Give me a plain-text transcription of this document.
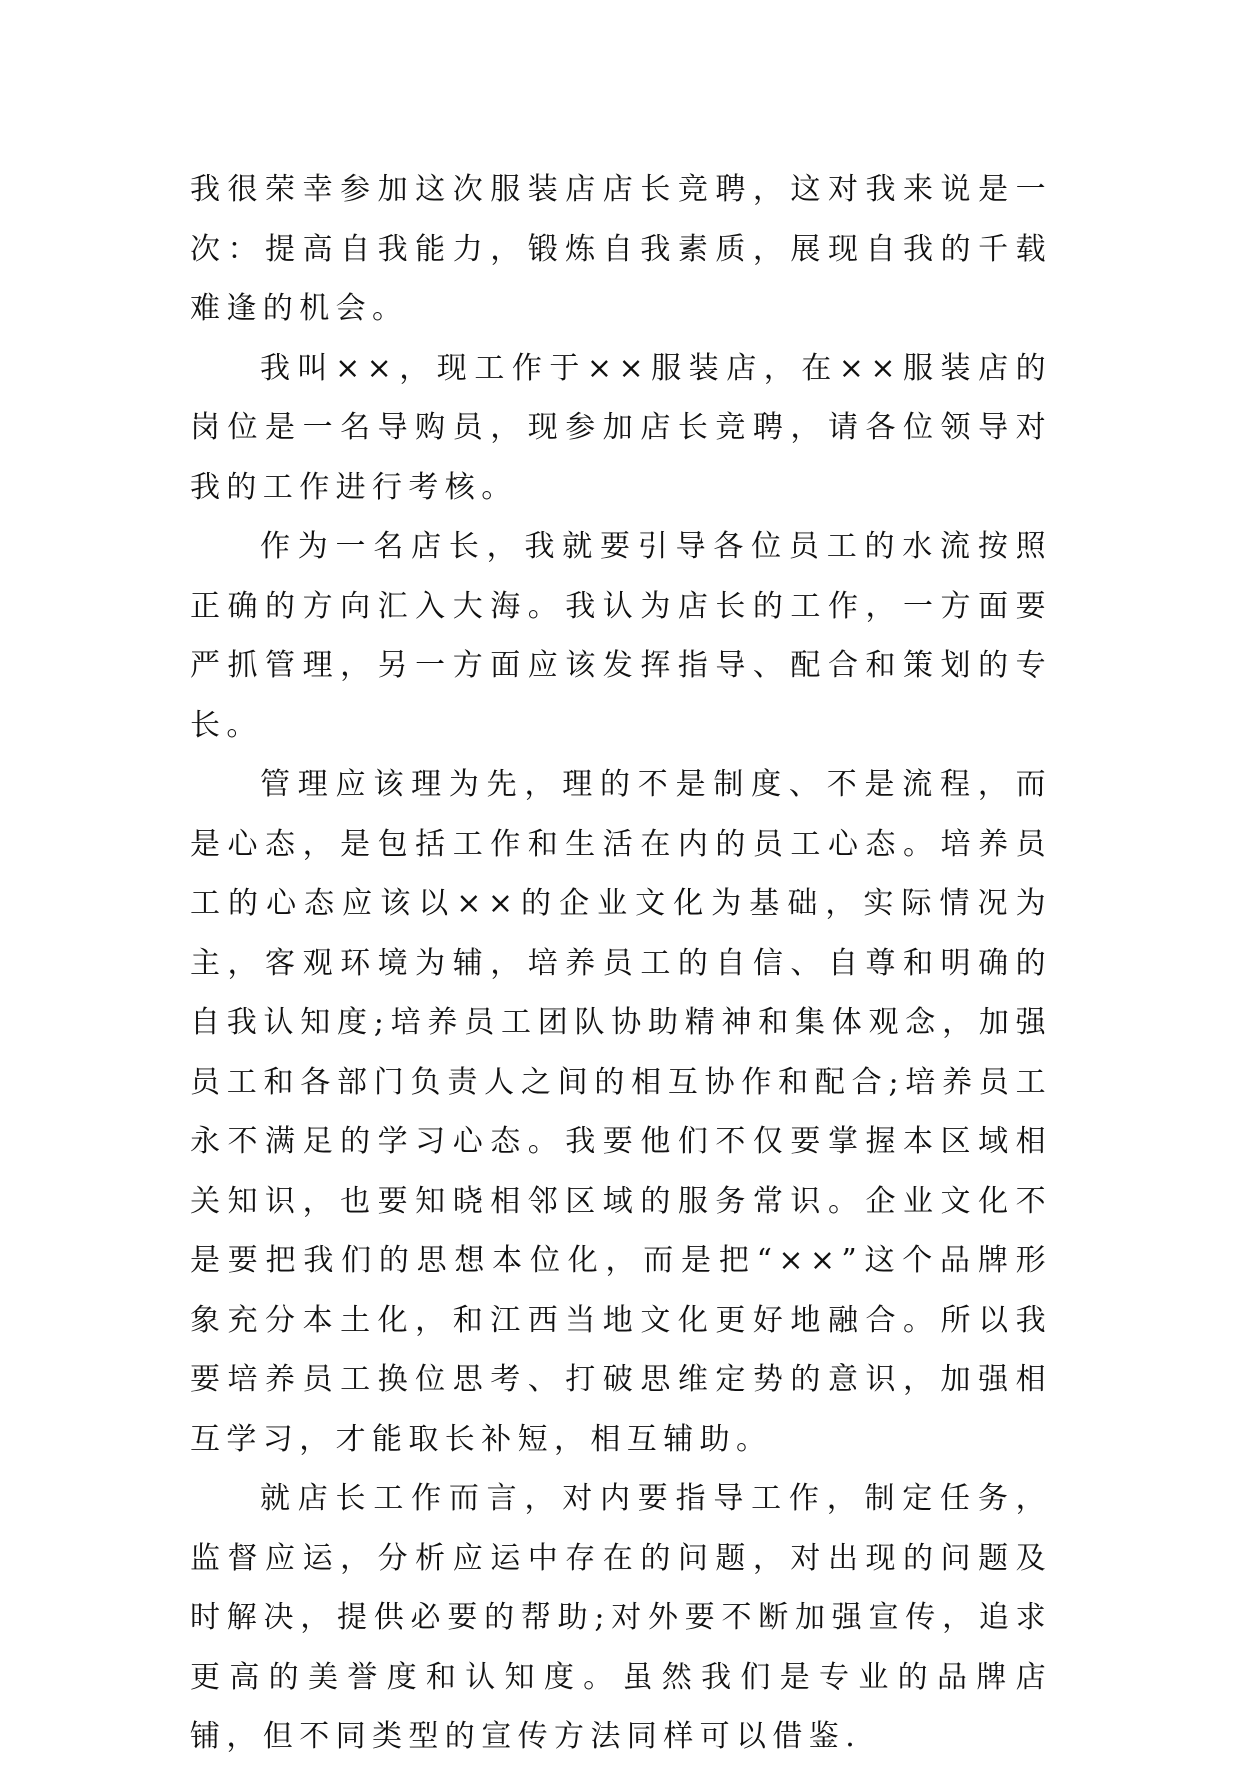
我很荣幸参加这次服装店店长竞聘，这对我来说是一次：提高自我能力，锻炼自我素质，展现自我的千载难逢的机会。

我叫××，现工作于××服装店，在××服装店的岗位是一名导购员，现参加店长竞聘，请各位领导对我的工作进行考核。

作为一名店长，我就要引导各位员工的水流按照正确的方向汇入大海。我认为店长的工作，一方面要严抓管理，另一方面应该发挥指导、配合和策划的专长。

管理应该理为先，理的不是制度、不是流程，而是心态，是包括工作和生活在内的员工心态。培养员工的心态应该以××的企业文化为基础，实际情况为主，客观环境为辅，培养员工的自信、自尊和明确的自我认知度;培养员工团队协助精神和集体观念，加强员工和各部门负责人之间的相互协作和配合;培养员工永不满足的学习心态。我要他们不仅要掌握本区域相关知识，也要知晓相邻区域的服务常识。企业文化不是要把我们的思想本位化，而是把“××”这个品牌形象充分本土化，和江西当地文化更好地融合。所以我要培养员工换位思考、打破思维定势的意识，加强相互学习，才能取长补短，相互辅助。

就店长工作而言，对内要指导工作，制定任务，监督应运，分析应运中存在的问题，对出现的问题及时解决，提供必要的帮助;对外要不断加强宣传，追求更高的美誉度和认知度。虽然我们是专业的品牌店铺，但不同类型的宣传方法同样可以借鉴.
